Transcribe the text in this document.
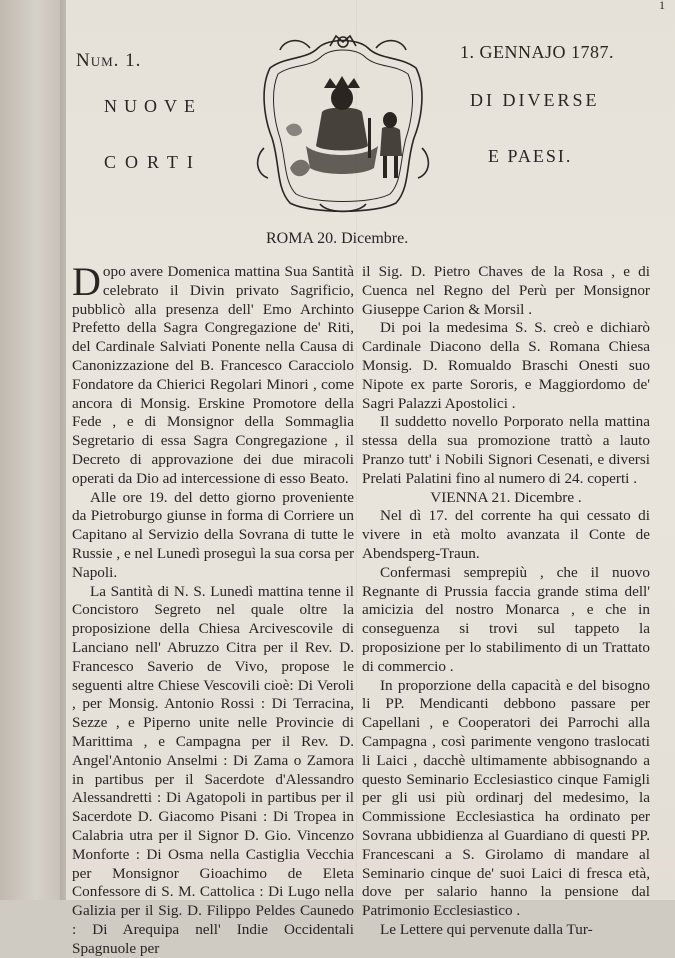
1
Num. 1.	1. GENNAJO 1787.
NUOVE
CORTI
DI DIVERSE
E PAESI.
ROMA 20. Dicembre.

Dopo avere Domenica mattina Sua Santità celebrato il Divin privato Sagrificio, pubblicò alla presenza dell' Emo Archinto Prefetto della Sagra Congregazione de' Riti, del Cardinale Salviati Ponente nella Causa di Canonizzazione del B. Francesco Caracciolo Fondatore da Chierici Regolari Minori , come ancora di Monsig. Erskine Promotore della Fede , e di Monsignor della Sommaglia Segretario di essa Sagra Congregazione , il Decreto di approvazione dei due miracoli operati da Dio ad intercessione di esso Beato.

Alle ore 19. del detto giorno proveniente da Pietroburgo giunse in forma di Corriere un Capitano al Servizio della Sovrana di tutte le Russie , e nel Lunedì proseguì la sua corsa per Napoli.

La Santità di N. S. Lunedì mattina tenne il Concistoro Segreto nel quale oltre la proposizione della Chiesa Arcivescovile di Lanciano nell' Abruzzo Citra per il Rev. D. Francesco Saverio de Vivo, propose le seguenti altre Chiese Vescovili cioè: Di Veroli , per Monsig. Antonio Rossi : Di Terracina, Sezze , e Piperno unite nelle Provincie di Marittima , e Campagna per il Rev. D. Angel'Antonio Anselmi : Di Zama o Zamora in partibus per il Sacerdote d'Alessandro Alessandretti : Di Agatopoli in partibus per il Sacerdote D. Giacomo Pisani : Di Tropea in Calabria utra per il Signor D. Gio. Vincenzo Monforte : Di Osma nella Castiglia Vecchia per Monsignor Gioachimo de Eleta Confessore di S. M. Cattolica : Di Lugo nella Galizia per il Sig. D. Filippo Peldes Caunedo : Di Arequipa nell' Indie Occidentali Spagnuole per

il Sig. D. Pietro Chaves de la Rosa , e di Cuenca nel Regno del Perù per Monsignor Giuseppe Carion & Morsil .

Di poi la medesima S. S. creò e dichiarò Cardinale Diacono della S. Romana Chiesa Monsig. D. Romualdo Braschi Onesti suo Nipote ex parte Sororis, e Maggiordomo de' Sagri Palazzi Apostolici .

Il suddetto novello Porporato nella mattina stessa della sua promozione trattò a lauto Pranzo tutt' i Nobili Signori Cesenati, e diversi Prelati Palatini fino al numero di 24. coperti .

VIENNA 21. Dicembre .

Nel dì 17. del corrente ha qui cessato di vivere in età molto avanzata il Conte de Abendsperg-Traun.

Confermasi semprepiù , che il nuovo Regnante di Prussia faccia grande stima dell' amicizia del nostro Monarca , e che in conseguenza si trovi sul tappeto la proposizione per lo stabilimento di un Trattato di commercio .

In proporzione della capacità e del bisogno li PP. Mendicanti debbono passare per Capellani , e Cooperatori dei Parrochi alla Campagna , così parimente vengono traslocati li Laici , dacchè ultimamente abbisognando a questo Seminario Ecclesiastico cinque Famigli per gli usi più ordinarj del medesimo, la Commissione Ecclesiastica ha ordinato per Sovrana ubbidienza al Guardiano di questi PP. Francescani a S. Girolamo di mandare al Seminario cinque de' suoi Laici di fresca età, dove per salario hanno la pensione dal Patrimonio Ecclesiastico .

Le Lettere qui pervenute dalla Tur-
